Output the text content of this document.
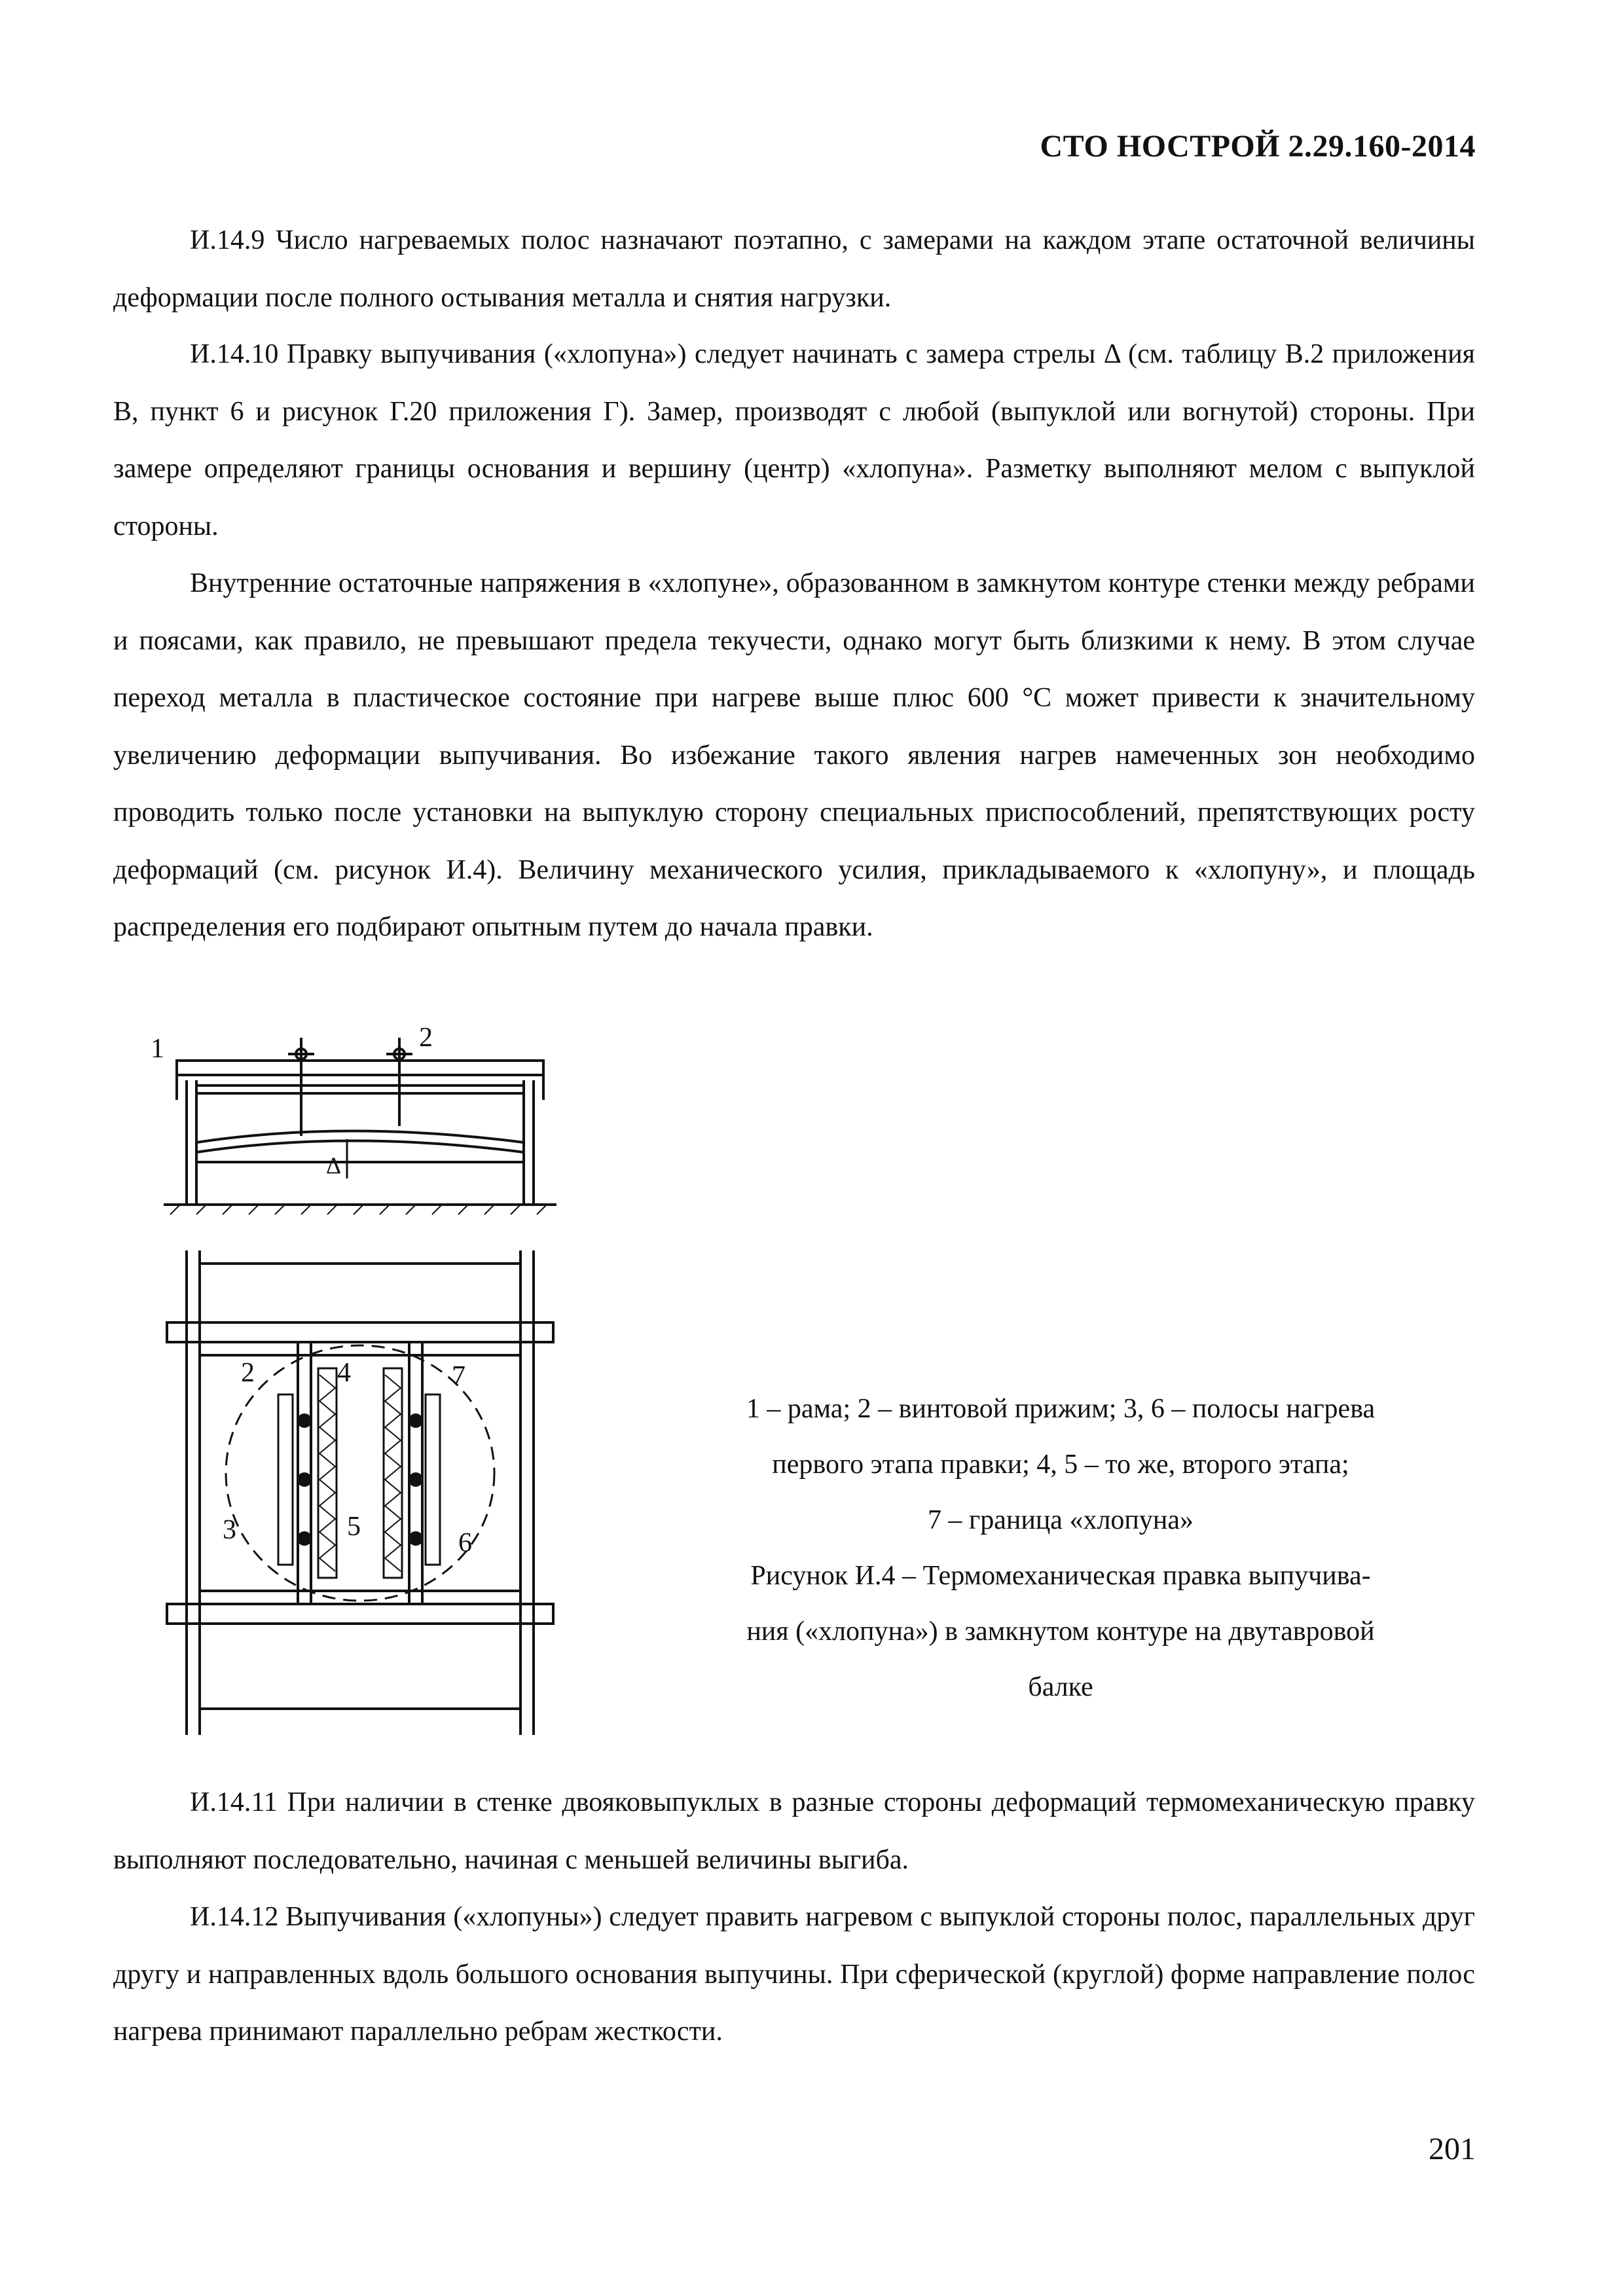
СТО НОСТРОЙ 2.29.160-2014

И.14.9 Число нагреваемых полос назначают поэтапно, с замерами на каждом этапе остаточной величины деформации после полного остывания металла и снятия нагрузки.

И.14.10 Правку выпучивания («хлопуна») следует начинать с замера стрелы Δ (см. таблицу В.2 приложения В, пункт 6 и рисунок Г.20 приложения Г). Замер, производят с любой (выпуклой или вогнутой) стороны. При замере определяют границы основания и вершину (центр) «хлопуна». Разметку выполняют мелом с выпуклой стороны.

Внутренние остаточные напряжения в «хлопуне», образованном в замкнутом контуре стенки между ребрами и поясами, как правило, не превышают предела текучести, однако могут быть близкими к нему. В этом случае переход металла в пластическое состояние при нагреве выше плюс 600 °С может привести к значительному увеличению деформации выпучивания. Во избежание такого явления нагрев намеченных зон необходимо проводить только после установки на выпуклую сторону специальных приспособлений, препятствующих росту деформаций (см. рисунок И.4). Величину механического усилия, прикладываемого к «хлопуну», и площадь распределения его подбирают опытным путем до начала правки.

1	2
Δ
2	4	7
3	5
6
1 – рама; 2 – винтовой прижим; 3, 6 – полосы нагрева
первого этапа правки; 4, 5 – то же, второго этапа;
7 – граница «хлопуна»
Рисунок И.4 – Термомеханическая правка выпучива-
ния («хлопуна») в замкнутом контуре на двутавровой
балке

И.14.11 При наличии в стенке двояковыпуклых в разные стороны деформаций термомеханическую правку выполняют последовательно, начиная с меньшей величины выгиба.

И.14.12 Выпучивания («хлопуны») следует править нагревом с выпуклой стороны полос, параллельных друг другу и направленных вдоль большого основания выпучины. При сферической (круглой) форме направление полос нагрева принимают параллельно ребрам жесткости.

201
